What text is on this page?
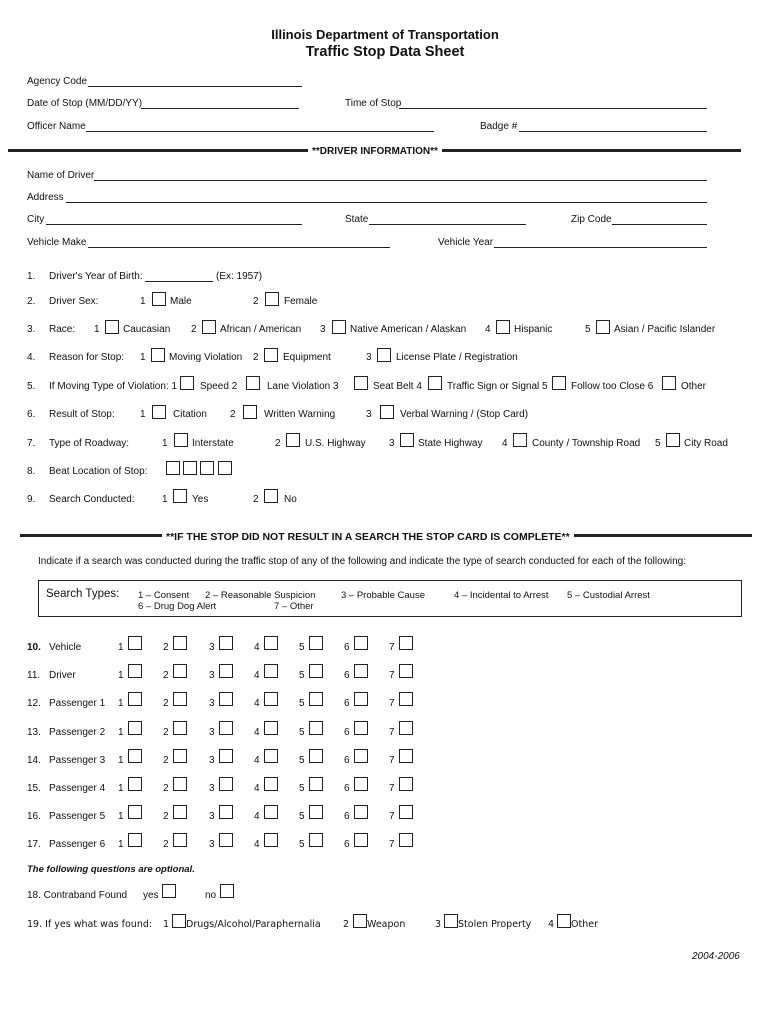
Illinois Department of Transportation
Traffic Stop Data Sheet
Agency Code
Date of Stop (MM/DD/YY)	Time of Stop
Officer Name	Badge #
**DRIVER INFORMATION**
Name of Driver
Address
City	State	Zip Code
Vehicle Make	Vehicle Year
1. Driver's Year of Birth:	(Ex: 1957)
2. Driver Sex:	1 Male	2	Female
3. Race: 1 Caucasian 2 African / American 3 Native American / Alaskan 4 Hispanic	5 Asian / Pacific Islander
4. Reason for Stop: 1 Moving Violation 2 Equipment	3 License Plate / Registration
5. If Moving Type of Violation: 1 Speed 2	Lane Violation 3	Seat Belt 4	Traffic Sign or Signal 5 Follow too Close 6	Other
6. Result of Stop:	1	Citation 2	Written Warning	3	Verbal Warning / (Stop Card)
7. Type of Roadway:	1 Interstate	2 U.S. Highway 3 State Highway 4 County / Township Road 5 City Road
8. Beat Location of Stop:
9. Search Conducted:	1 Yes	2	No
**IF THE STOP DID NOT RESULT IN A SEARCH THE STOP CARD IS COMPLETE**
Indicate if a search was conducted during the traffic stop of any of the following and indicate the type of search conducted for each of the following:
Search Types: 1 – Consent 2 – Reasonable Suspicion	3 – Probable Cause	4 – Incidental to Arrest 5 – Custodial Arrest
6 – Drug Dog Alert	7 – Other
10. Vehicle	1	2	3	4	5	6	7
11. Driver	1	2	3	4	5	6	7
12. Passenger 1 1	2	3	4	5	6	7
13. Passenger 2 1	2	3	4	5	6	7
14. Passenger 3 1	2	3	4	5	6	7
15. Passenger 4 1	2	3	4	5	6	7
16. Passenger 5 1	2	3	4	5	6	7
17. Passenger 6 1	2	3	4	5	6	7
The following questions are optional.
18. Contraband Found yes	no
19. If yes what was found: 1 Drugs/Alcohol/Paraphernalia 2 Weapon	3 Stolen Property 4 Other
2004-2006
